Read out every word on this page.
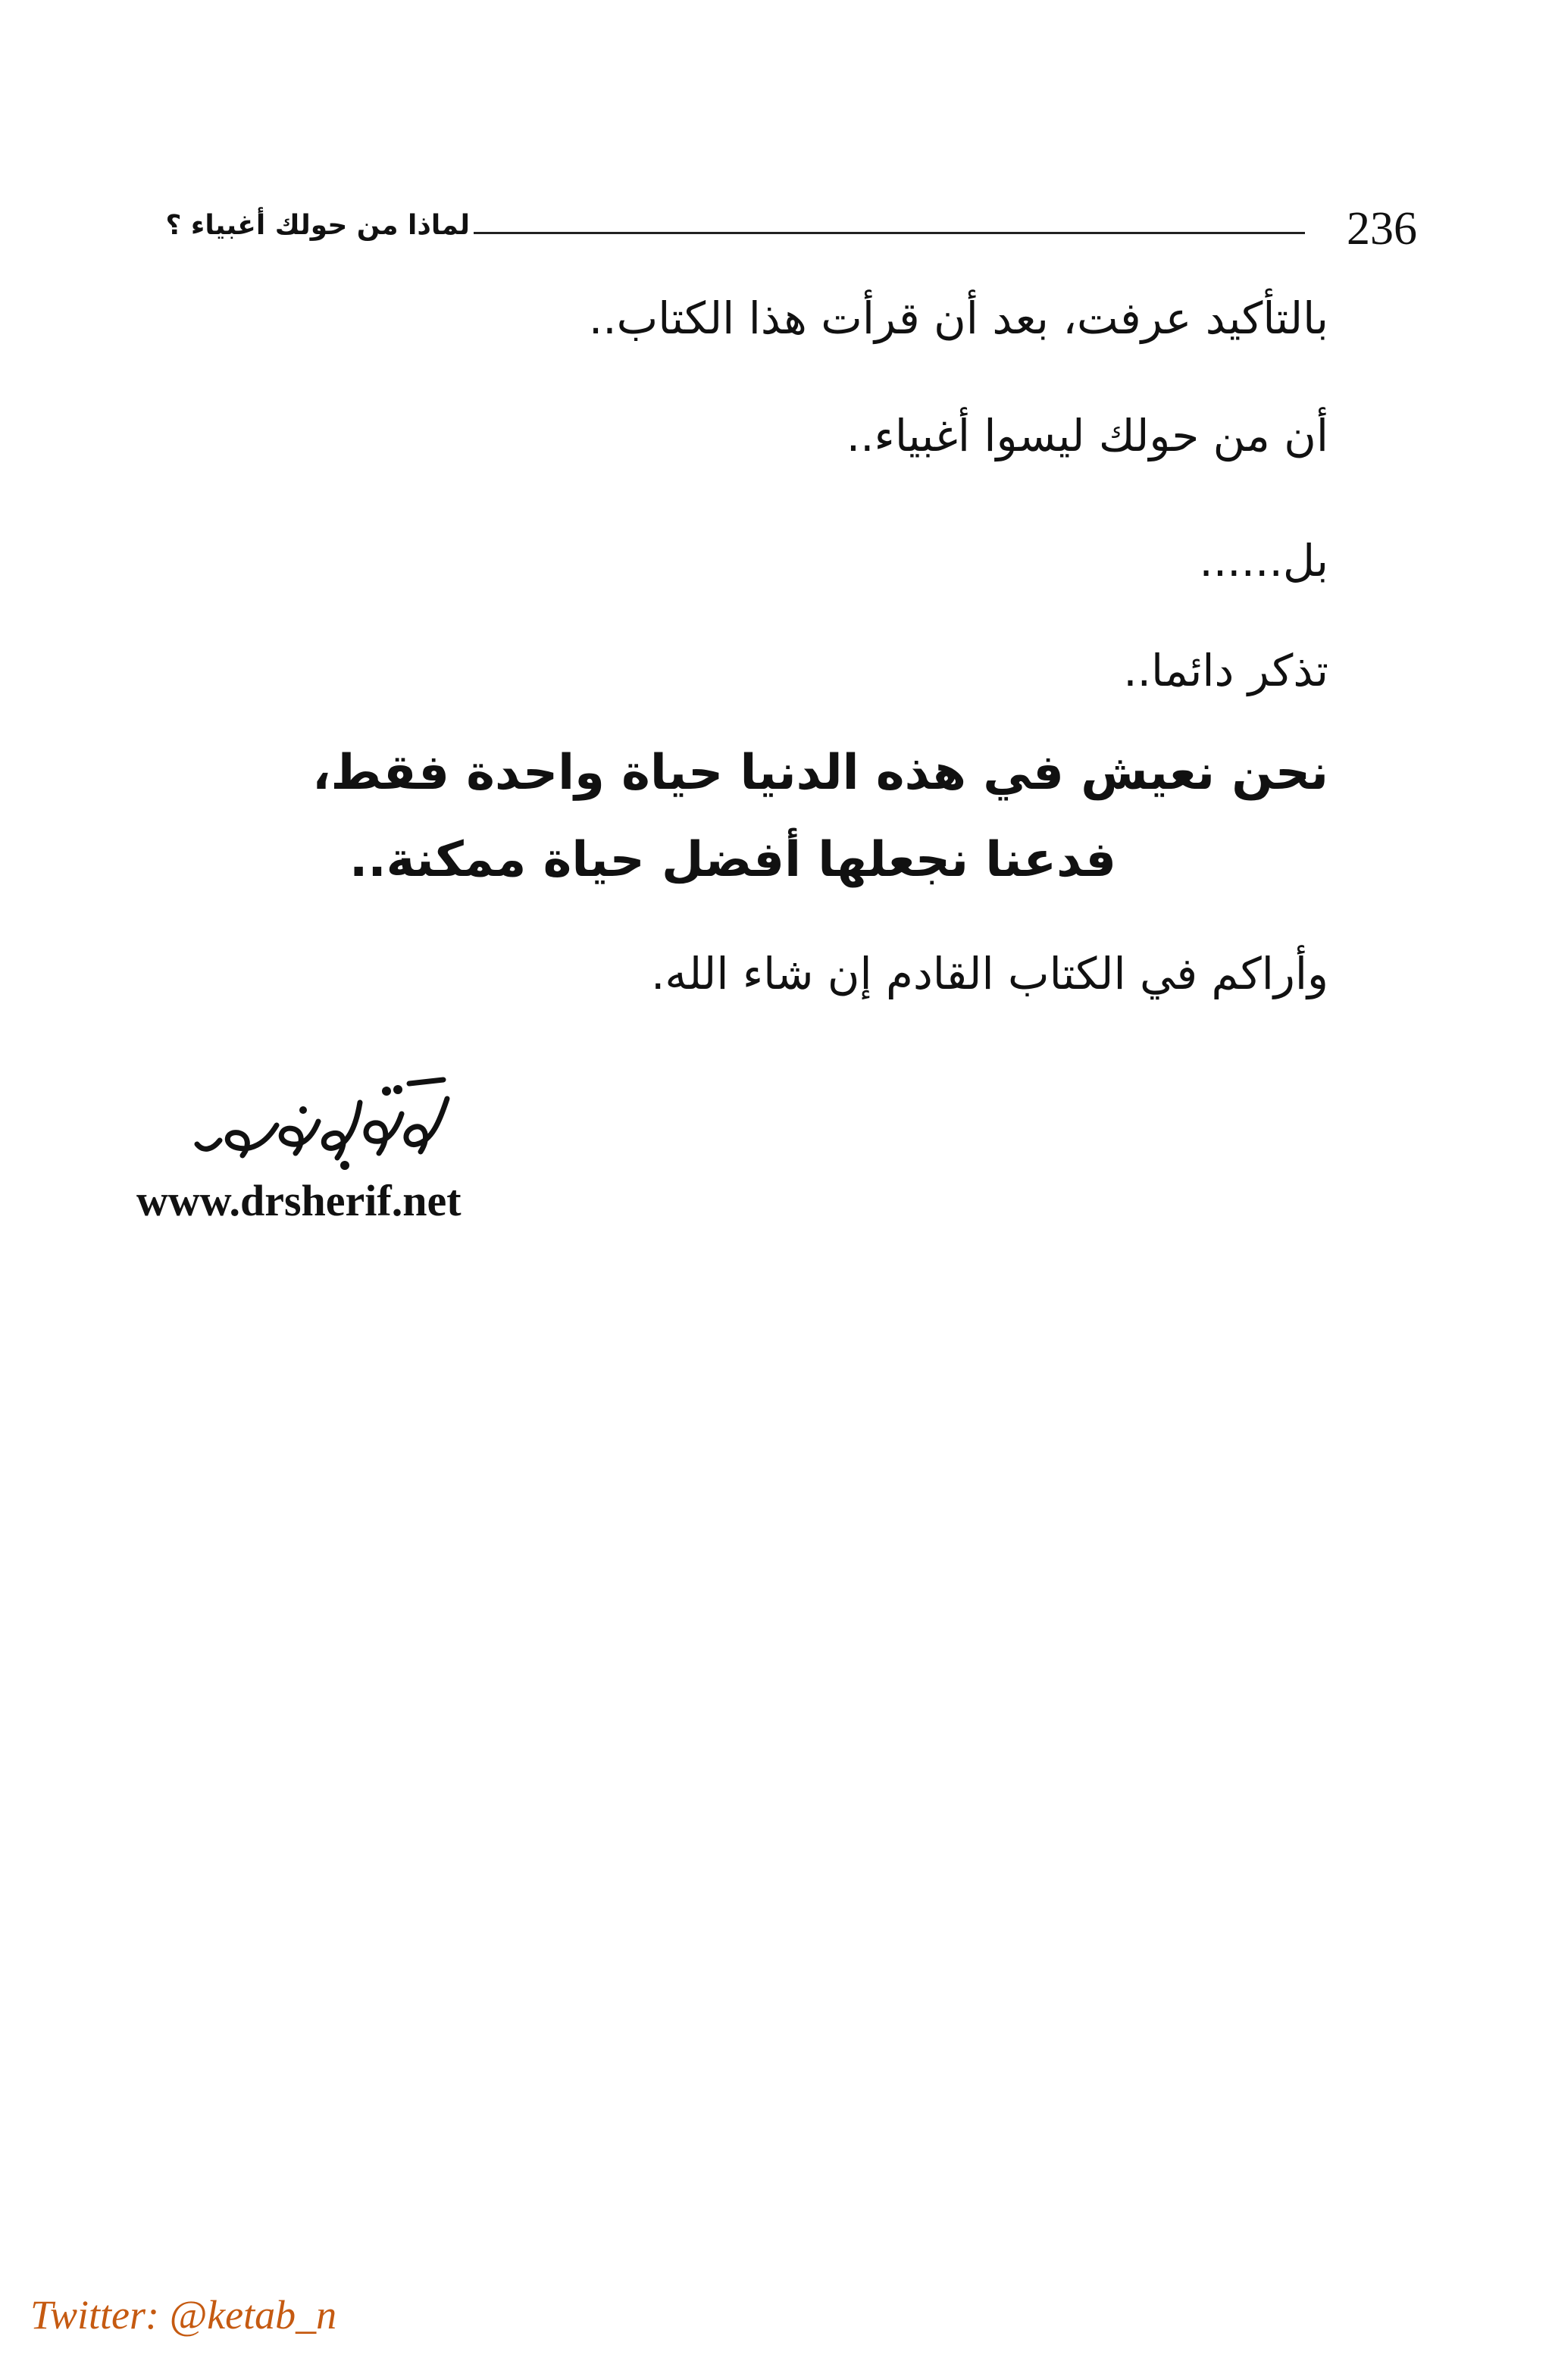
لماذا من حولك أغبياء ؟	236
بالتأكيد عرفت، بعد أن قرأت هذا الكتاب..
أن من حولك ليسوا أغبياء..
بل......
تذكر دائما..
نحن نعيش في هذه الدنيا حياة واحدة فقط،
فدعنا نجعلها أفضل حياة ممكنة..
وأراكم في الكتاب القادم إن شاء الله.
www.drsherif.net
Twitter: @ketab_n
